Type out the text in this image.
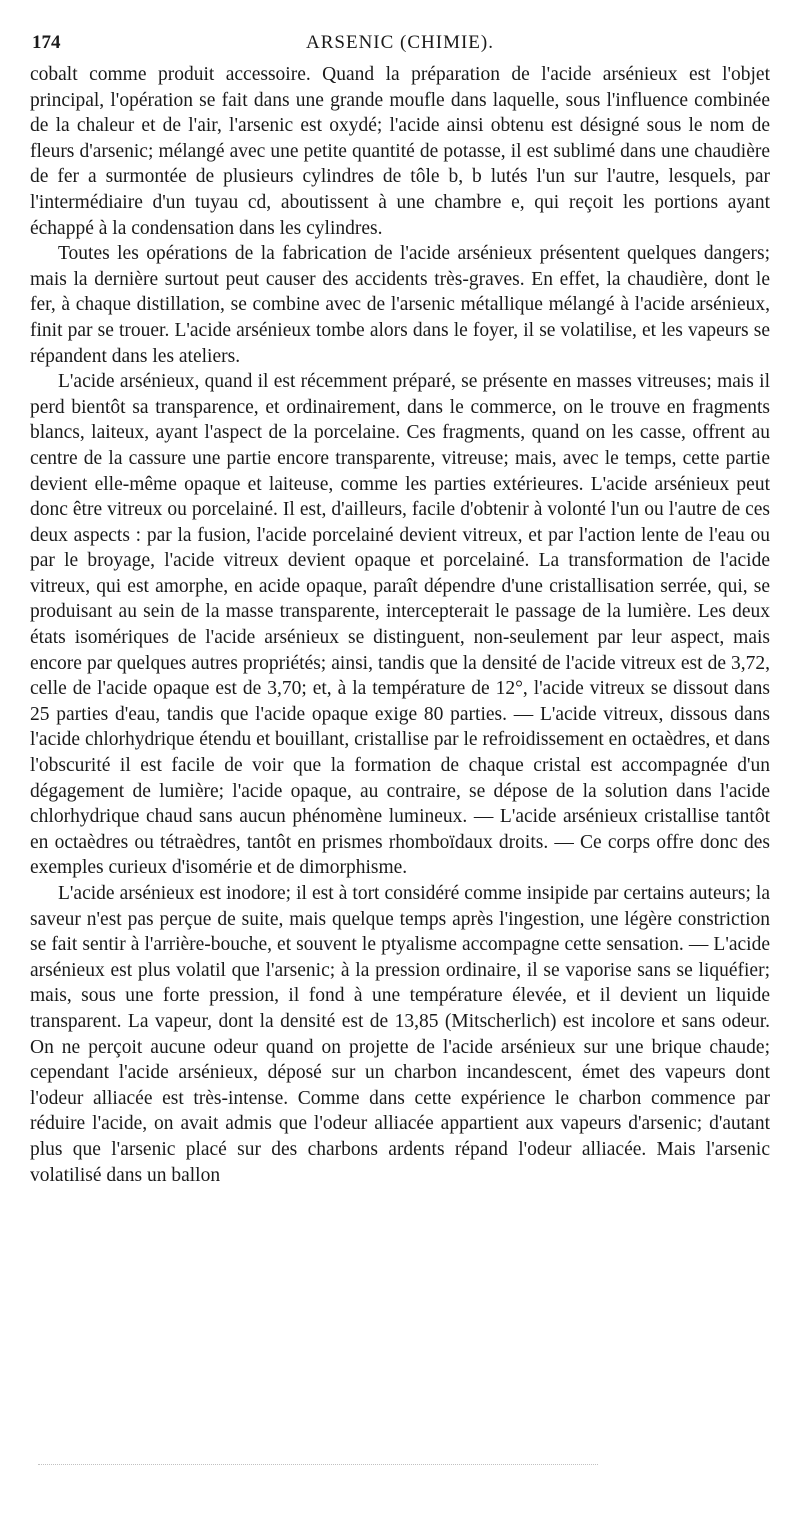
174	ARSENIC (CHIMIE).

cobalt comme produit accessoire. Quand la préparation de l'acide arsénieux est l'objet principal, l'opération se fait dans une grande moufle dans laquelle, sous l'influence combinée de la chaleur et de l'air, l'arsenic est oxydé; l'acide ainsi obtenu est désigné sous le nom de fleurs d'arsenic; mélangé avec une petite quantité de potasse, il est sublimé dans une chaudière de fer a surmontée de plusieurs cylindres de tôle b, b lutés l'un sur l'autre, lesquels, par l'intermédiaire d'un tuyau cd, aboutissent à une chambre e, qui reçoit les portions ayant échappé à la condensation dans les cylindres.

Toutes les opérations de la fabrication de l'acide arsénieux présentent quelques dangers; mais la dernière surtout peut causer des accidents très-graves. En effet, la chaudière, dont le fer, à chaque distillation, se combine avec de l'arsenic métallique mélangé à l'acide arsénieux, finit par se trouer. L'acide arsénieux tombe alors dans le foyer, il se volatilise, et les vapeurs se répandent dans les ateliers.

L'acide arsénieux, quand il est récemment préparé, se présente en masses vitreuses; mais il perd bientôt sa transparence, et ordinairement, dans le commerce, on le trouve en fragments blancs, laiteux, ayant l'aspect de la porcelaine. Ces fragments, quand on les casse, offrent au centre de la cassure une partie encore transparente, vitreuse; mais, avec le temps, cette partie devient elle-même opaque et laiteuse, comme les parties extérieures. L'acide arsénieux peut donc être vitreux ou porcelainé. Il est, d'ailleurs, facile d'obtenir à volonté l'un ou l'autre de ces deux aspects : par la fusion, l'acide porcelainé devient vitreux, et par l'action lente de l'eau ou par le broyage, l'acide vitreux devient opaque et porcelainé. La transformation de l'acide vitreux, qui est amorphe, en acide opaque, paraît dépendre d'une cristallisation serrée, qui, se produisant au sein de la masse transparente, intercepterait le passage de la lumière. Les deux états isomériques de l'acide arsénieux se distinguent, non-seulement par leur aspect, mais encore par quelques autres propriétés; ainsi, tandis que la densité de l'acide vitreux est de 3,72, celle de l'acide opaque est de 3,70; et, à la température de 12°, l'acide vitreux se dissout dans 25 parties d'eau, tandis que l'acide opaque exige 80 parties. — L'acide vitreux, dissous dans l'acide chlorhydrique étendu et bouillant, cristallise par le refroidissement en octaèdres, et dans l'obscurité il est facile de voir que la formation de chaque cristal est accompagnée d'un dégagement de lumière; l'acide opaque, au contraire, se dépose de la solution dans l'acide chlorhydrique chaud sans aucun phénomène lumineux. — L'acide arsénieux cristallise tantôt en octaèdres ou tétraèdres, tantôt en prismes rhomboïdaux droits. — Ce corps offre donc des exemples curieux d'isomérie et de dimorphisme.

L'acide arsénieux est inodore; il est à tort considéré comme insipide par certains auteurs; la saveur n'est pas perçue de suite, mais quelque temps après l'ingestion, une légère constriction se fait sentir à l'arrière-bouche, et souvent le ptyalisme accompagne cette sensation. — L'acide arsénieux est plus volatil que l'arsenic; à la pression ordinaire, il se vaporise sans se liquéfier; mais, sous une forte pression, il fond à une température élevée, et il devient un liquide transparent. La vapeur, dont la densité est de 13,85 (Mitscherlich) est incolore et sans odeur. On ne perçoit aucune odeur quand on projette de l'acide arsénieux sur une brique chaude; cependant l'acide arsénieux, déposé sur un charbon incandescent, émet des vapeurs dont l'odeur alliacée est très-intense. Comme dans cette expérience le charbon commence par réduire l'acide, on avait admis que l'odeur alliacée appartient aux vapeurs d'arsenic; d'autant plus que l'arsenic placé sur des charbons ardents répand l'odeur alliacée. Mais l'arsenic volatilisé dans un ballon
